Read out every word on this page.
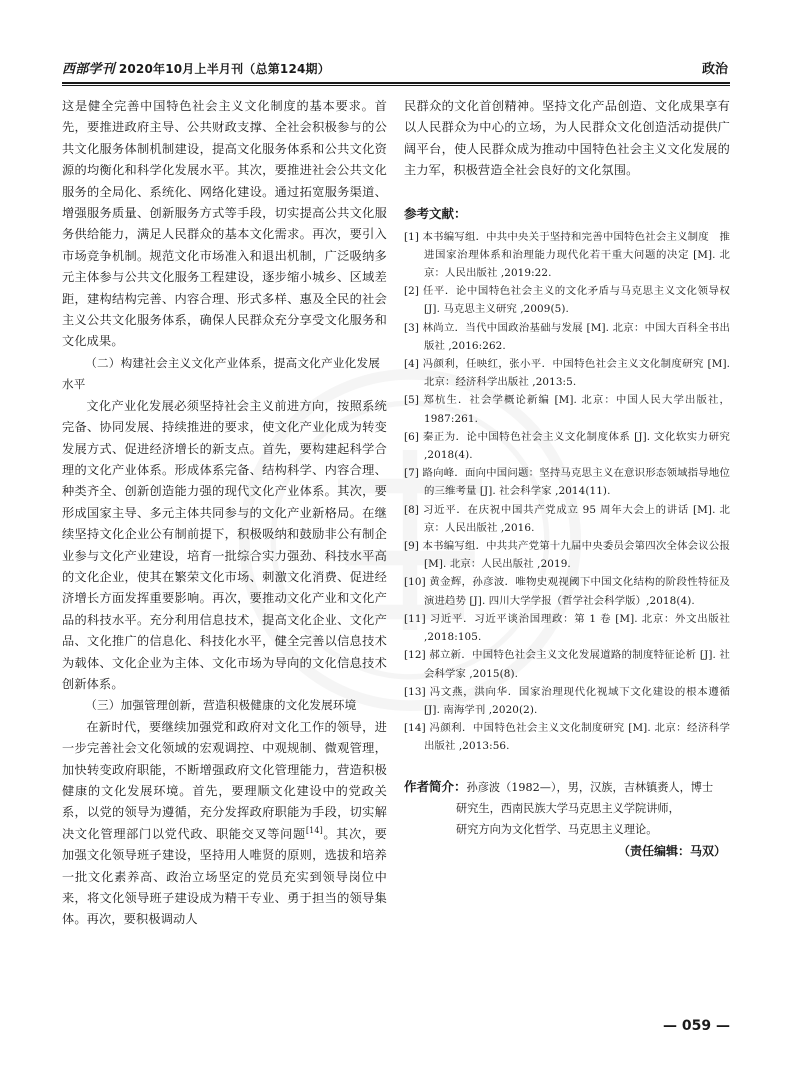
西部学刊 2020年10月上半月刊（总第124期）	政治

这是健全完善中国特色社会主义文化制度的基本要求。首先，要推进政府主导、公共财政支撑、全社会积极参与的公共文化服务体制机制建设，提高文化服务体系和公共文化资源的均衡化和科学化发展水平。其次，要推进社会公共文化服务的全局化、系统化、网络化建设。通过拓宽服务渠道、增强服务质量、创新服务方式等手段，切实提高公共文化服务供给能力，满足人民群众的基本文化需求。再次，要引入市场竞争机制。规范文化市场准入和退出机制，广泛吸纳多元主体参与公共文化服务工程建设，逐步缩小城乡、区域差距，建构结构完善、内容合理、形式多样、惠及全民的社会主义公共文化服务体系，确保人民群众充分享受文化服务和文化成果。

（二）构建社会主义文化产业体系，提高文化产业化发展水平

文化产业化发展必须坚持社会主义前进方向，按照系统完备、协同发展、持续推进的要求，使文化产业化成为转变发展方式、促进经济增长的新支点。首先，要构建起科学合理的文化产业体系。形成体系完备、结构科学、内容合理、种类齐全、创新创造能力强的现代文化产业体系。其次，要形成国家主导、多元主体共同参与的文化产业新格局。在继续坚持文化企业公有制前提下，积极吸纳和鼓励非公有制企业参与文化产业建设，培育一批综合实力强劲、科技水平高的文化企业，使其在繁荣文化市场、刺激文化消费、促进经济增长方面发挥重要影响。再次，要推动文化产业和文化产品的科技水平。充分利用信息技术，提高文化企业、文化产品、文化推广的信息化、科技化水平，健全完善以信息技术为载体、文化企业为主体、文化市场为导向的文化信息技术创新体系。

（三）加强管理创新，营造积极健康的文化发展环境

在新时代，要继续加强党和政府对文化工作的领导，进一步完善社会文化领域的宏观调控、中观规制、微观管理，加快转变政府职能，不断增强政府文化管理能力，营造积极健康的文化发展环境。首先，要理顺文化建设中的党政关系，以党的领导为遵循，充分发挥政府职能为手段，切实解决文化管理部门以党代政、职能交叉等问题[14]。其次，要加强文化领导班子建设，坚持用人唯贤的原则，选拔和培养一批文化素养高、政治立场坚定的党员充实到领导岗位中来，将文化领导班子建设成为精干专业、勇于担当的领导集体。再次，要积极调动人

民群众的文化首创精神。坚持文化产品创造、文化成果享有以人民群众为中心的立场，为人民群众文化创造活动提供广阔平台，使人民群众成为推动中国特色社会主义文化发展的主力军，积极营造全社会良好的文化氛围。

参考文献：
[1] 本书编写组．中共中央关于坚持和完善中国特色社会主义制度　推进国家治理体系和治理能力现代化若干重大问题的决定 [M]. 北京：人民出版社 ,2019:22.
[2] 任平．论中国特色社会主义的文化矛盾与马克思主义文化领导权 [J]. 马克思主义研究 ,2009(5).
[3] 林尚立．当代中国政治基础与发展 [M]. 北京：中国大百科全书出版社 ,2016:262.
[4] 冯颜利，任映红，张小平．中国特色社会主义文化制度研究 [M]. 北京：经济科学出版社 ,2013:5.
[5] 郑杭生．社会学概论新编 [M]. 北京：中国人民大学出版社，1987:261.
[6] 秦正为．论中国特色社会主义文化制度体系 [J]. 文化软实力研究 ,2018(4).
[7] 路向峰．面向中国问题：坚持马克思主义在意识形态领域指导地位的三维考量 [J]. 社会科学家 ,2014(11).
[8] 习近平．在庆祝中国共产党成立 95 周年大会上的讲话 [M]. 北京：人民出版社 ,2016.
[9] 本书编写组．中共共产党第十九届中央委员会第四次全体会议公报 [M]. 北京：人民出版社 ,2019.
[10] 黄金辉，孙彦波．唯物史观视阈下中国文化结构的阶段性特征及演进趋势 [J]. 四川大学学报（哲学社会科学版）,2018(4).
[11] 习近平．习近平谈治国理政：第 1 卷 [M]. 北京：外文出版社 ,2018:105.
[12] 郝立新．中国特色社会主义文化发展道路的制度特征论析 [J]. 社会科学家 ,2015(8).
[13] 冯文燕，洪向华．国家治理现代化视域下文化建设的根本遵循 [J]. 南海学刊 ,2020(2).
[14] 冯颜利．中国特色社会主义文化制度研究 [M]. 北京：经济科学出版社 ,2013:56.
作者简介：孙彦波（1982—），男，汉族，吉林镇赉人，博士
研究生，西南民族大学马克思主义学院讲师，
研究方向为文化哲学、马克思主义理论。
（责任编辑：马双）
— 059 —
